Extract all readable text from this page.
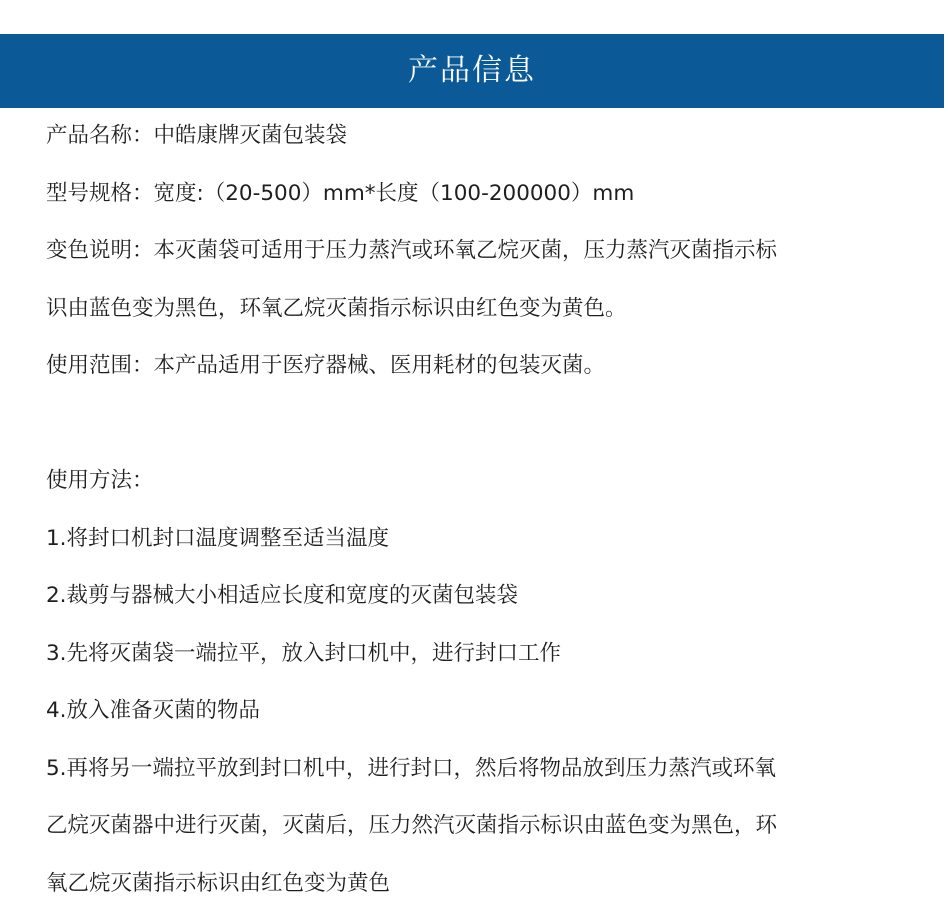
产品信息
产品名称：中皓康牌灭菌包装袋
型号规格：宽度:（20-500）mm*长度（100-200000）mm
变色说明：本灭菌袋可适用于压力蒸汽或环氧乙烷灭菌，压力蒸汽灭菌指示标
识由蓝色变为黑色，环氧乙烷灭菌指示标识由红色变为黄色。
使用范围：本产品适用于医疗器械、医用耗材的包装灭菌。
使用方法：
1.将封口机封口温度调整至适当温度
2.裁剪与器械大小相适应长度和宽度的灭菌包装袋
3.先将灭菌袋一端拉平，放入封口机中，进行封口工作
4.放入准备灭菌的物品
5.再将另一端拉平放到封口机中，进行封口，然后将物品放到压力蒸汽或环氧
乙烷灭菌器中进行灭菌，灭菌后，压力然汽灭菌指示标识由蓝色变为黑色，环
氧乙烷灭菌指示标识由红色变为黄色
